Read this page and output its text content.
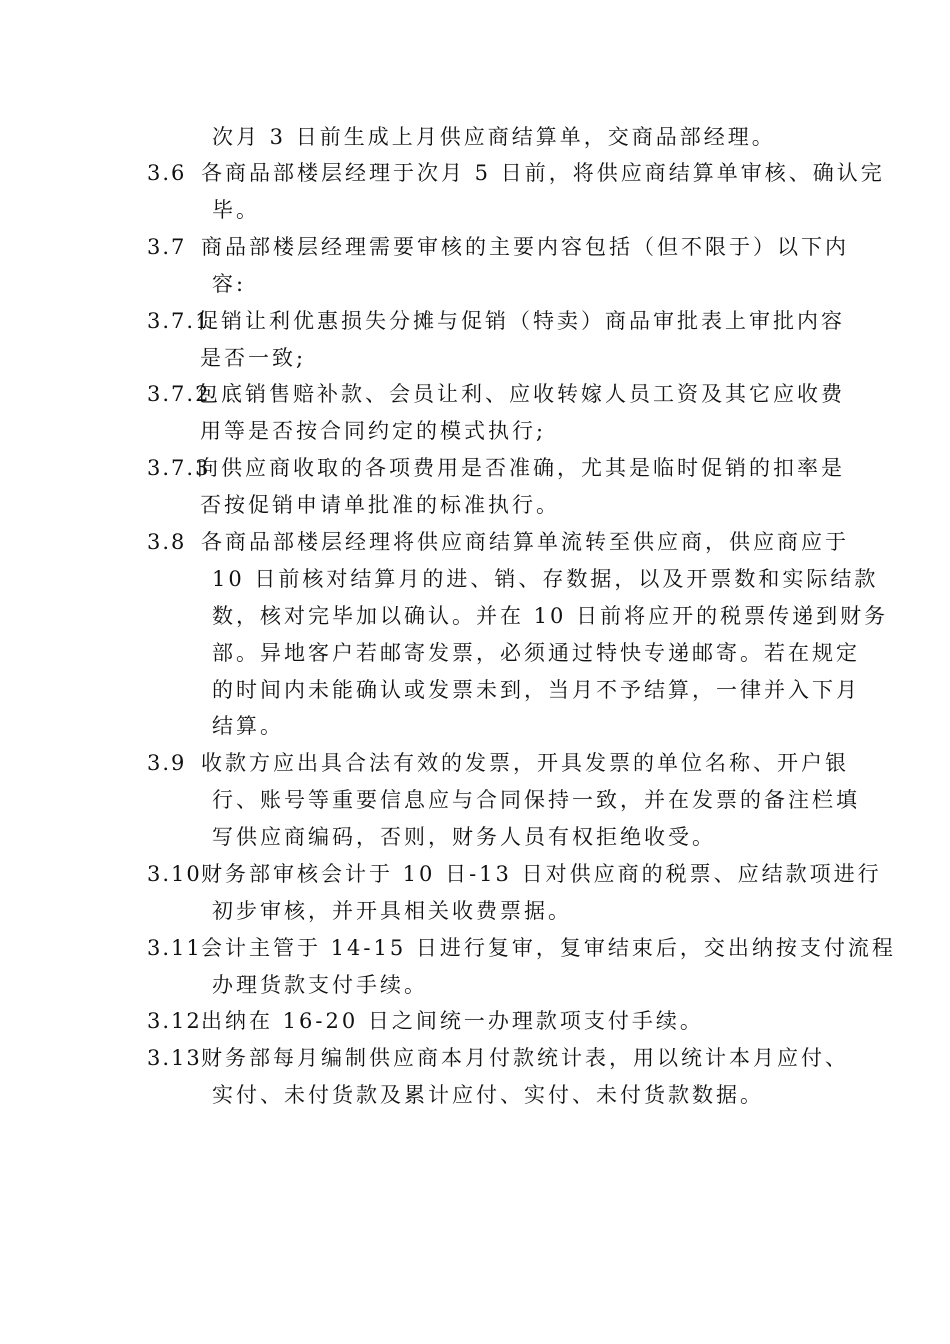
次月 3 日前生成上月供应商结算单，交商品部经理。
3.6 各商品部楼层经理于次月 5 日前，将供应商结算单审核、确认完
毕。
3.7 商品部楼层经理需要审核的主要内容包括（但不限于）以下内
容:
3.7.1促销让利优惠损失分摊与促销（特卖）商品审批表上审批内容
是否一致;
3.7.2包底销售赔补款、会员让利、应收转嫁人员工资及其它应收费
用等是否按合同约定的模式执行;
3.7.3向供应商收取的各项费用是否准确，尤其是临时促销的扣率是
否按促销申请单批准的标准执行。
3.8 各商品部楼层经理将供应商结算单流转至供应商，供应商应于
10 日前核对结算月的进、销、存数据，以及开票数和实际结款
数，核对完毕加以确认。并在 10 日前将应开的税票传递到财务
部。异地客户若邮寄发票，必须通过特快专递邮寄。若在规定
的时间内未能确认或发票未到，当月不予结算，一律并入下月
结算。
3.9 收款方应出具合法有效的发票，开具发票的单位名称、开户银
行、账号等重要信息应与合同保持一致，并在发票的备注栏填
写供应商编码，否则，财务人员有权拒绝收受。
3.10财务部审核会计于 10 日-13 日对供应商的税票、应结款项进行
初步审核，并开具相关收费票据。
3.11会计主管于 14-15 日进行复审，复审结束后，交出纳按支付流程
办理货款支付手续。
3.12出纳在 16-20 日之间统一办理款项支付手续。
3.13财务部每月编制供应商本月付款统计表，用以统计本月应付、
实付、未付货款及累计应付、实付、未付货款数据。
